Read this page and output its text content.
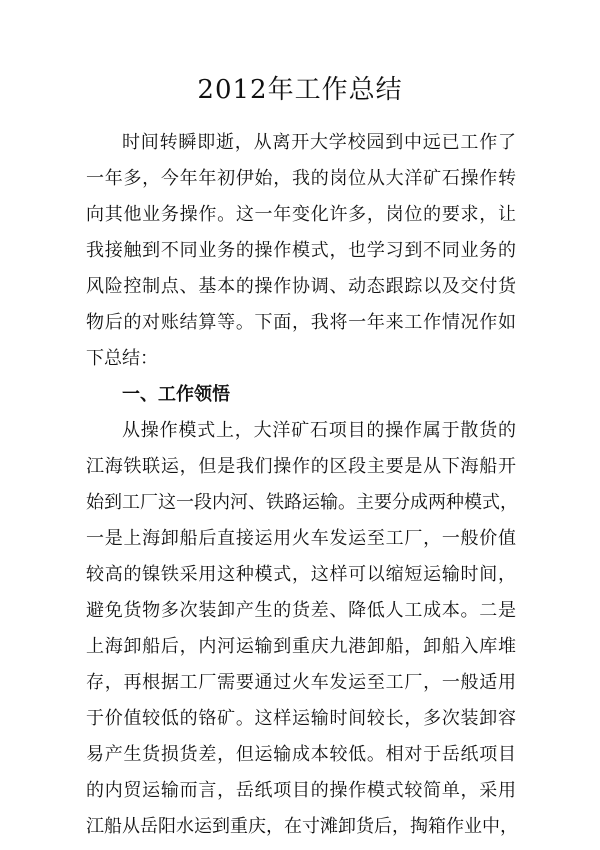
2012年工作总结
时间转瞬即逝，从离开大学校园到中远已工作了
一年多，今年年初伊始，我的岗位从大洋矿石操作转
向其他业务操作。这一年变化许多，岗位的要求，让
我接触到不同业务的操作模式，也学习到不同业务的
风险控制点、基本的操作协调、动态跟踪以及交付货
物后的对账结算等。下面，我将一年来工作情况作如
下总结：
一、工作领悟
从操作模式上，大洋矿石项目的操作属于散货的
江海铁联运，但是我们操作的区段主要是从下海船开
始到工厂这一段内河、铁路运输。主要分成两种模式，
一是上海卸船后直接运用火车发运至工厂，一般价值
较高的镍铁采用这种模式，这样可以缩短运输时间，
避免货物多次装卸产生的货差、降低人工成本。二是
上海卸船后，内河运输到重庆九港卸船，卸船入库堆
存，再根据工厂需要通过火车发运至工厂，一般适用
于价值较低的铬矿。这样运输时间较长，多次装卸容
易产生货损货差，但运输成本较低。相对于岳纸项目
的内贸运输而言，岳纸项目的操作模式较简单，采用
江船从岳阳水运到重庆，在寸滩卸货后，掏箱作业中，
